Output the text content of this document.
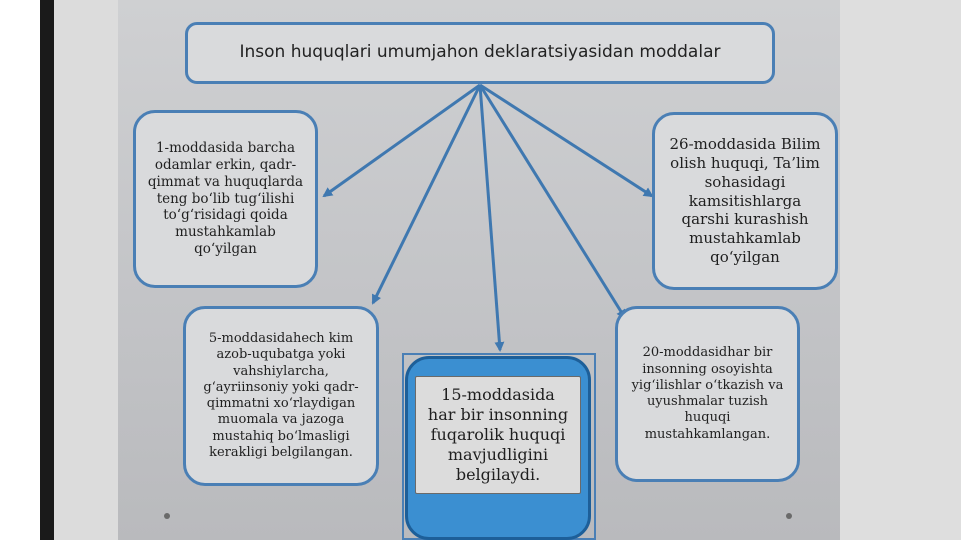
Inson huquqlari umumjahon deklaratsiyasidan moddalar
1-moddasida barcha odamlar erkin, qadr-qimmat va huquqlarda teng bo‘lib tug‘ilishi to‘g‘risidagi qoida mustahkamlab qo‘yilgan
26-moddasida Bilim olish huquqi, Ta’lim sohasidagi kamsitishlarga qarshi kurashish mustahkamlab qo‘yilgan
5-moddasidahech kim azob-uqubatga yoki vahshiylarcha, g‘ayriinsoniy yoki qadr-qimmatni xo‘rlaydigan muomala va jazoga mustahiq bo‘lmasligi kerakligi belgilangan.
20-moddasidhar bir insonning osoyishta yig‘ilishlar o‘tkazish va uyushmalar tuzish huquqi mustahkamlangan.
15-moddasida har bir insonning fuqarolik huquqi mavjudligini belgilaydi.
